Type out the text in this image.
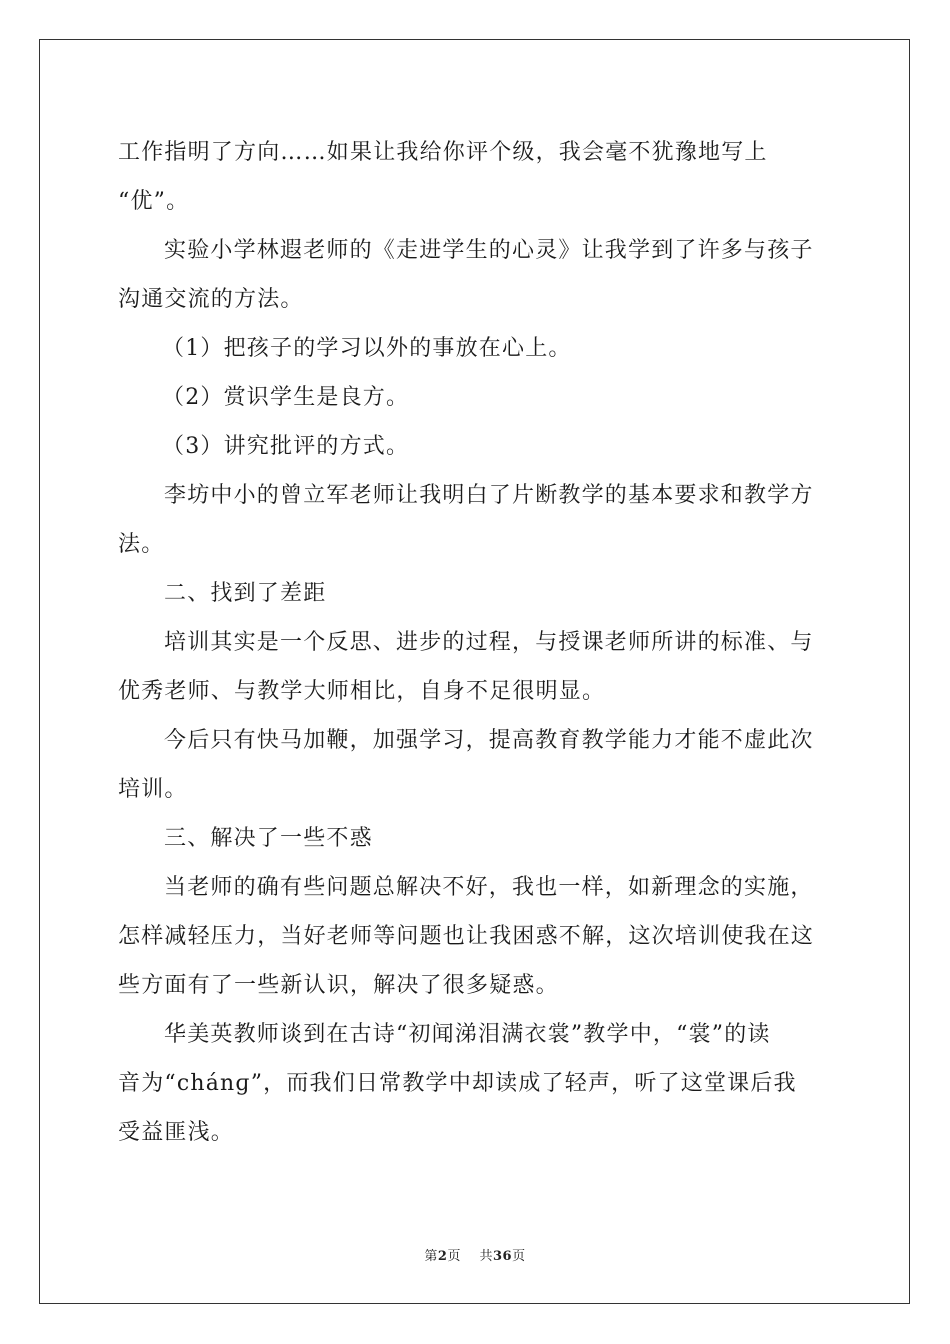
工作指明了方向……如果让我给你评个级，我会毫不犹豫地写上
“优”。
实验小学林遐老师的《走进学生的心灵》让我学到了许多与孩子
沟通交流的方法。
（1）把孩子的学习以外的事放在心上。
（2）赏识学生是良方。
（3）讲究批评的方式。
李坊中小的曾立军老师让我明白了片断教学的基本要求和教学方
法。
二、找到了差距
培训其实是一个反思、进步的过程，与授课老师所讲的标准、与
优秀老师、与教学大师相比，自身不足很明显。
今后只有快马加鞭，加强学习，提高教育教学能力才能不虚此次
培训。
三、解决了一些不惑
当老师的确有些问题总解决不好，我也一样，如新理念的实施，
怎样减轻压力，当好老师等问题也让我困惑不解，这次培训使我在这
些方面有了一些新认识，解决了很多疑惑。
华美英教师谈到在古诗“初闻涕泪满衣裳”教学中，“裳”的读
音为“chánɡ”，而我们日常教学中却读成了轻声，听了这堂课后我
受益匪浅。
第2页 共36页
